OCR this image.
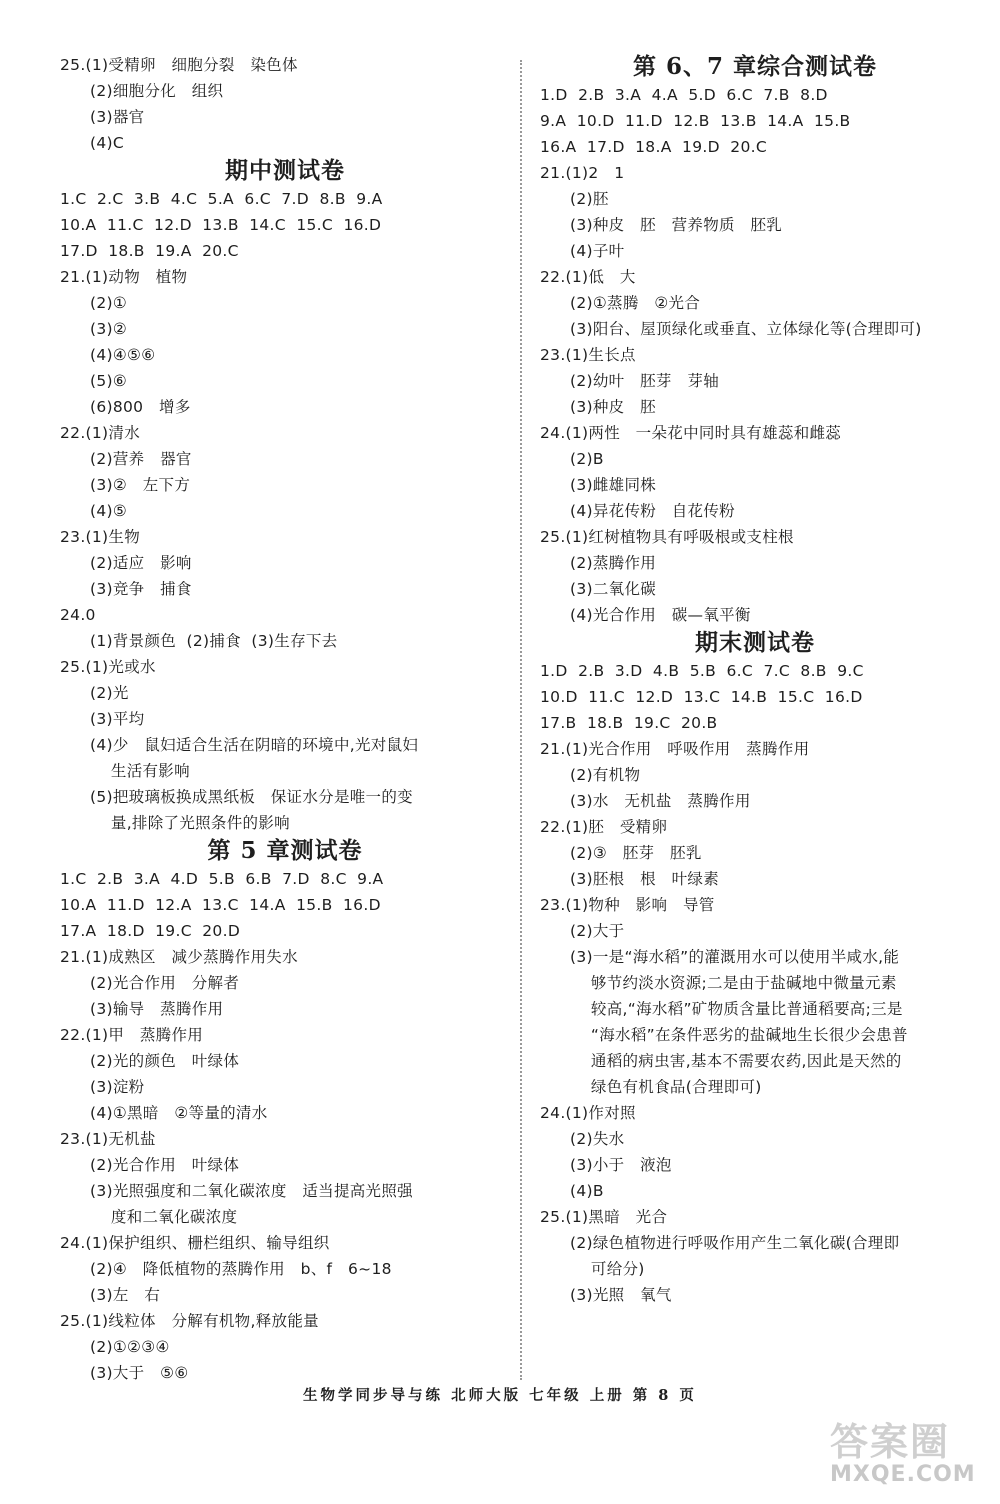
25.(1)受精卵   细胞分裂   染色体
(2)细胞分化   组织
(3)器官
(4)C
期中测试卷
1.C  2.C  3.B  4.C  5.A  6.C  7.D  8.B  9.A
10.A  11.C  12.D  13.B  14.C  15.C  16.D
17.D  18.B  19.A  20.C
21.(1)动物   植物
(2)①
(3)②
(4)④⑤⑥
(5)⑥
(6)800   增多
22.(1)清水
(2)营养   器官
(3)②   左下方
(4)⑤
23.(1)生物
(2)适应   影响
(3)竞争   捕食
24.0
(1)背景颜色  (2)捕食  (3)生存下去
25.(1)光或水
(2)光
(3)平均
(4)少   鼠妇适合生活在阴暗的环境中,光对鼠妇
生活有影响
(5)把玻璃板换成黑纸板   保证水分是唯一的变
量,排除了光照条件的影响
第 5 章测试卷
1.C  2.B  3.A  4.D  5.B  6.B  7.D  8.C  9.A
10.A  11.D  12.A  13.C  14.A  15.B  16.D
17.A  18.D  19.C  20.D
21.(1)成熟区   减少蒸腾作用失水
(2)光合作用   分解者
(3)输导   蒸腾作用
22.(1)甲   蒸腾作用
(2)光的颜色   叶绿体
(3)淀粉
(4)①黑暗   ②等量的清水
23.(1)无机盐
(2)光合作用   叶绿体
(3)光照强度和二氧化碳浓度   适当提高光照强
度和二氧化碳浓度
24.(1)保护组织、栅栏组织、输导组织
(2)④   降低植物的蒸腾作用   b、f   6~18
(3)左   右
25.(1)线粒体   分解有机物,释放能量
(2)①②③④
(3)大于   ⑤⑥
第 6、7 章综合测试卷
1.D  2.B  3.A  4.A  5.D  6.C  7.B  8.D
9.A  10.D  11.D  12.B  13.B  14.A  15.B
16.A  17.D  18.A  19.D  20.C
21.(1)2   1
(2)胚
(3)种皮   胚   营养物质   胚乳
(4)子叶
22.(1)低   大
(2)①蒸腾   ②光合
(3)阳台、屋顶绿化或垂直、立体绿化等(合理即可)
23.(1)生长点
(2)幼叶   胚芽   芽轴
(3)种皮   胚
24.(1)两性   一朵花中同时具有雄蕊和雌蕊
(2)B
(3)雌雄同株
(4)异花传粉   自花传粉
25.(1)红树植物具有呼吸根或支柱根
(2)蒸腾作用
(3)二氧化碳
(4)光合作用   碳—氧平衡
期末测试卷
1.D  2.B  3.D  4.B  5.B  6.C  7.C  8.B  9.C
10.D  11.C  12.D  13.C  14.B  15.C  16.D
17.B  18.B  19.C  20.B
21.(1)光合作用   呼吸作用   蒸腾作用
(2)有机物
(3)水   无机盐   蒸腾作用
22.(1)胚   受精卵
(2)③   胚芽   胚乳
(3)胚根   根   叶绿素
23.(1)物种   影响   导管
(2)大于
(3)一是“海水稻”的灌溉用水可以使用半咸水,能
够节约淡水资源;二是由于盐碱地中微量元素
较高,“海水稻”矿物质含量比普通稻要高;三是
“海水稻”在条件恶劣的盐碱地生长很少会患普
通稻的病虫害,基本不需要农药,因此是天然的
绿色有机食品(合理即可)
24.(1)作对照
(2)失水
(3)小于   液泡
(4)B
25.(1)黑暗   光合
(2)绿色植物进行呼吸作用产生二氧化碳(合理即
可给分)
(3)光照   氧气
生物学同步导与练 北师大版 七年级 上册 第 8 页
答案圈
MXQE.COM
